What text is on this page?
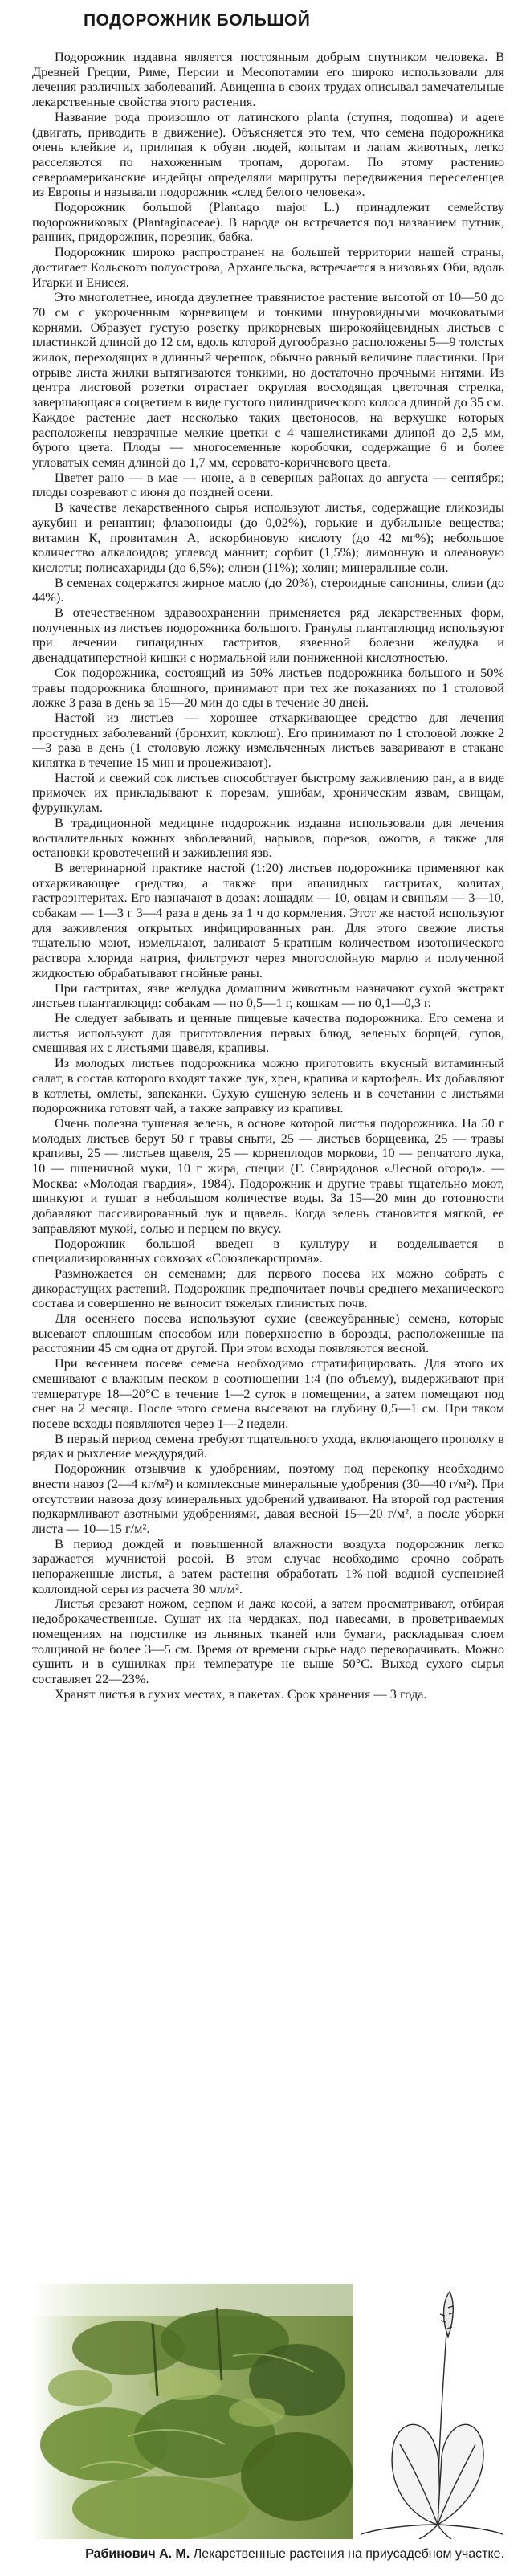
ПОДОРОЖНИК БОЛЬШОЙ

Подорожник издавна является постоянным добрым спутником человека. В Древней Греции, Риме, Персии и Месопотамии его широко использовали для лечения различных заболеваний. Авиценна в своих трудах описывал замечательные лекарственные свойства этого растения.

Название рода произошло от латинского planta (ступня, подошва) и agere (двигать, приводить в движение). Объясняется это тем, что семена подорожника очень клейкие и, прилипая к обуви людей, копытам и лапам животных, легко расселяются по нахоженным тропам, дорогам. По этому растению североамериканские индейцы определяли маршруты передвижения переселенцев из Европы и называли подорожник «след белого человека».

Подорожник большой (Plantago major L.) принадлежит семейству подорожниковых (Plantaginaceae). В народе он встречается под названием путник, ранник, придорожник, порезник, бабка.

Подорожник широко распространен на большей территории нашей страны, достигает Кольского полуострова, Архангельска, встречается в низовьях Оби, вдоль Игарки и Енисея.

Это многолетнее, иногда двулетнее травянистое растение высотой от 10—50 до 70 см с укороченным корневищем и тонкими шнуровидными мочковатыми корнями. Образует густую розетку прикорневых широкояйцевидных листьев с пластинкой длиной до 12 см, вдоль которой дугообразно расположены 5—9 толстых жилок, переходящих в длинный черешок, обычно равный величине пластинки. При отрыве листа жилки вытягиваются тонкими, но достаточно прочными нитями. Из центра листовой розетки отрастает округлая восходящая цветочная стрелка, завершающаяся соцветием в виде густого цилиндрического колоса длиной до 35 см. Каждое растение дает несколько таких цветоносов, на верхушке которых расположены невзрачные мелкие цветки с 4 чашелистиками длиной до 2,5 мм, бурого цвета. Плоды — многосеменные коробочки, содержащие 6 и более угловатых семян длиной до 1,7 мм, серовато-коричневого цвета.

Цветет рано — в мае — июне, а в северных районах до августа — сентября; плоды созревают с июня до поздней осени.

В качестве лекарственного сырья используют листья, содержащие гликозиды аукубин и ренантин; флавоноиды (до 0,02%), горькие и дубильные вещества; витамин К, провитамин А, аскорбиновую кислоту (до 42 мг%); небольшое количество алкалоидов; углевод маннит; сорбит (1,5%); лимонную и олеановую кислоты; полисахариды (до 6,5%); слизи (11%); холин; минеральные соли.

В семенах содержатся жирное масло (до 20%), стероидные сапонины, слизи (до 44%).

В отечественном здравоохранении применяется ряд лекарственных форм, полученных из листьев подорожника большого. Гранулы плантаглюцид используют при лечении гипацидных гастритов, язвенной болезни желудка и двенадцатиперстной кишки с нормальной или пониженной кислотностью.

Сок подорожника, состоящий из 50% листьев подорожника большого и 50% травы подорожника блошного, принимают при тех же показаниях по 1 столовой ложке 3 раза в день за 15—20 мин до еды в течение 30 дней.

Настой из листьев — хорошее отхаркивающее средство для лечения простудных заболеваний (бронхит, коклюш). Его принимают по 1 столовой ложке 2—3 раза в день (1 столовую ложку измельченных листьев заваривают в стакане кипятка в течение 15 мин и процеживают).

Настой и свежий сок листьев способствует быстрому заживлению ран, а в виде примочек их прикладывают к порезам, ушибам, хроническим язвам, свищам, фурункулам.

В традиционной медицине подорожник издавна использовали для лечения воспалительных кожных заболеваний, нарывов, порезов, ожогов, а также для остановки кровотечений и заживления язв.

В ветеринарной практике настой (1:20) листьев подорожника применяют как отхаркивающее средство, а также при апацидных гастритах, колитах, гастроэнтеритах. Его назначают в дозах: лошадям — 10, овцам и свиньям — 3—10, собакам — 1—3 г 3—4 раза в день за 1 ч до кормления. Этот же настой используют для заживления открытых инфицированных ран. Для этого свежие листья тщательно моют, измельчают, заливают 5-кратным количеством изотонического раствора хлорида натрия, фильтруют через многослойную марлю и полученной жидкостью обрабатывают гнойные раны.

При гастритах, язве желудка домашним животным назначают сухой экстракт листьев плантаглюцид: собакам — по 0,5—1 г, кошкам — по 0,1—0,3 г.

Не следует забывать и ценные пищевые качества подорожника. Его семена и листья используют для приготовления первых блюд, зеленых борщей, супов, смешивая их с листьями щавеля, крапивы.

Из молодых листьев подорожника можно приготовить вкусный витаминный салат, в состав которого входят также лук, хрен, крапива и картофель. Их добавляют в котлеты, омлеты, запеканки. Сухую сушеную зелень и в сочетании с листьями подорожника готовят чай, а также заправку из крапивы.

Очень полезна тушеная зелень, в основе которой листья подорожника. На 50 г молодых листьев берут 50 г травы сныти, 25 — листьев борщевика, 25 — травы крапивы, 25 — листьев щавеля, 25 — корнеплодов моркови, 10 — репчатого лука, 10 — пшеничной муки, 10 г жира, специи (Г. Свиридонов «Лесной огород». — Москва: «Молодая гвардия», 1984). Подорожник и другие травы тщательно моют, шинкуют и тушат в небольшом количестве воды. За 15—20 мин до готовности добавляют пассивированный лук и щавель. Когда зелень становится мягкой, ее заправляют мукой, солью и перцем по вкусу.

Подорожник большой введен в культуру и возделывается в специализированных совхозах «Союзлекарспрома».

Размножается он семенами; для первого посева их можно собрать с дикорастущих растений. Подорожник предпочитает почвы среднего механического состава и совершенно не выносит тяжелых глинистых почв.

Для осеннего посева используют сухие (свежеубранные) семена, которые высевают сплошным способом или поверхностно в борозды, расположенные на расстоянии 45 см одна от другой. При этом всходы появляются весной.

При весеннем посеве семена необходимо стратифицировать. Для этого их смешивают с влажным песком в соотношении 1:4 (по объему), выдерживают при температуре 18—20°С в течение 1—2 суток в помещении, а затем помещают под снег на 2 месяца. После этого семена высевают на глубину 0,5—1 см. При таком посеве всходы появляются через 1—2 недели.

В первый период семена требуют тщательного ухода, включающего прополку в рядах и рыхление междурядий.

Подорожник отзывчив к удобрениям, поэтому под перекопку необходимо внести навоз (2—4 кг/м²) и комплексные минеральные удобрения (30—40 г/м²). При отсутствии навоза дозу минеральных удобрений удваивают. На второй год растения подкармливают азотными удобрениями, давая весной 15—20 г/м², а после уборки листа — 10—15 г/м².

В период дождей и повышенной влажности воздуха подорожник легко заражается мучнистой росой. В этом случае необходимо срочно собрать непораженные листья, а затем растения обработать 1%-ной водной суспензией коллоидной серы из расчета 30 мл/м².

Листья срезают ножом, серпом и даже косой, а затем просматривают, отбирая недоброкачественные. Сушат их на чердаках, под навесами, в проветриваемых помещениях на подстилке из льняных тканей или бумаги, раскладывая слоем толщиной не более 3—5 см. Время от времени сырье надо переворачивать. Можно сушить и в сушилках при температуре не выше 50°С. Выход сухого сырья составляет 22—23%.

Хранят листья в сухих местах, в пакетах. Срок хранения — 3 года.

Рабинович А. М. Лекарственные растения на приусадебном участке.
